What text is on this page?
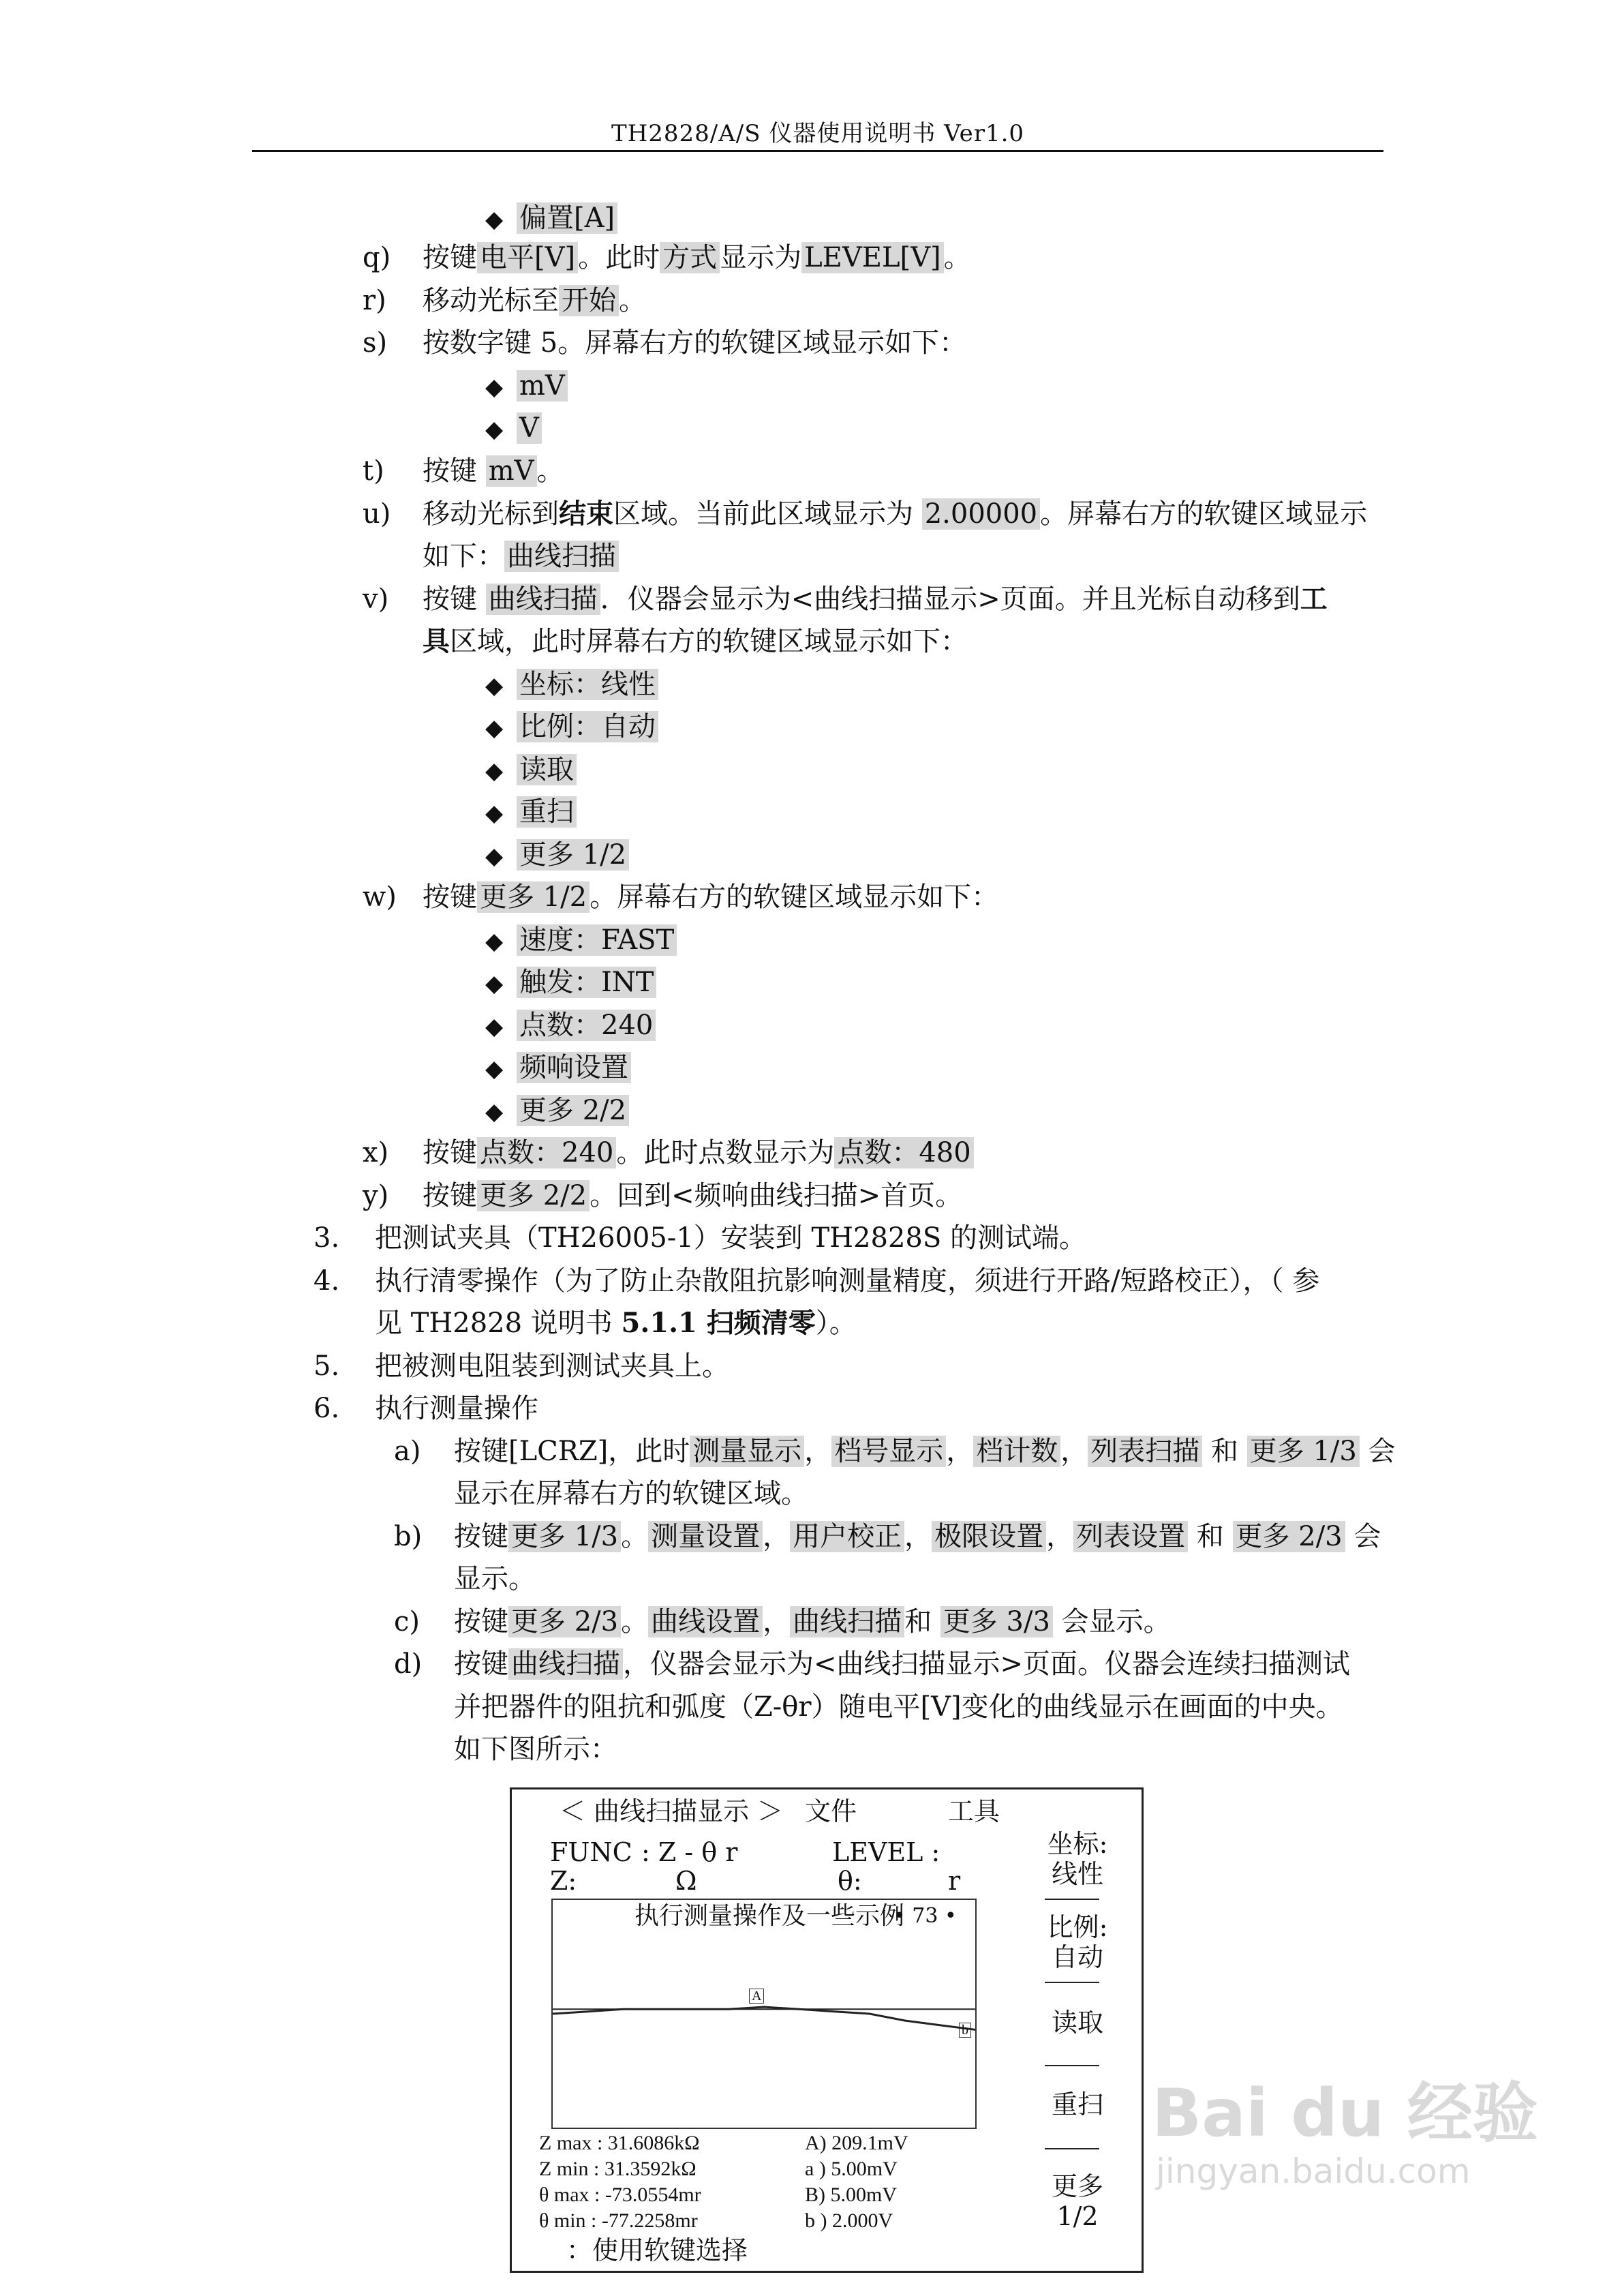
TH2828/A/S 仪器使用说明书 Ver1.0
◆ 偏置[A]
q) 按键 电平[V] 。此时 方式 显示为 LEVEL[V] 。
r) 移动光标至 开始 。
s) 按数字键 5。屏幕右方的软键区域显示如下：
◆ mV
◆ V
t) 按键 mV 。
u) 移动光标到结束区域。当前此区域显示为 2.00000 。屏幕右方的软键区域显示
如下： 曲线扫描
v) 按键 曲线扫描 ．仪器会显示为<曲线扫描显示>页面。并且光标自动移到工
具区域，此时屏幕右方的软键区域显示如下：
◆ 坐标：线性
◆ 比例：自动
◆ 读取
◆ 重扫
◆ 更多 1/2
w) 按键 更多 1/2 。屏幕右方的软键区域显示如下：
◆ 速度：FAST
◆ 触发：INT
◆ 点数：240
◆ 频响设置
◆ 更多 2/2
x) 按键 点数：240 。此时点数显示为 点数：480
y) 按键 更多 2/2 。回到<频响曲线扫描>首页。
3. 把测试夹具（TH26005-1）安装到 TH2828S 的测试端。
4. 执行清零操作（为了防止杂散阻抗影响测量精度，须进行开路/短路校正），（ 参
见 TH2828 说明书 5.1.1 扫频清零）。
5. 把被测电阻装到测试夹具上。
6. 执行测量操作
a) 按键[LCRZ]，此时 测量显示 ， 档号显示 ， 档计数 ， 列表扫描 和 更多 1/3 会
显示在屏幕右方的软键区域。
b) 按键 更多 1/3 。 测量设置 ， 用户校正 ， 极限设置 ， 列表设置 和 更多 2/3 会
显示。
c) 按键 更多 2/3 。 曲线设置 ， 曲线扫描 和 更多 3/3 会显示。
d) 按键 曲线扫描 ，仪器会显示为<曲线扫描显示>页面。仪器会连续扫描测试
并把器件的阻抗和弧度（Z-θr）随电平[V]变化的曲线显示在画面的中央。
如下图所示：
＜ 曲线扫描显示 ＞ 文件	工具
FUNC : Z - θ r	LEVEL :
Z:	Ω	θ:	r
执行测量操作及一些示例
• 73 •
A
b
Z max : 31.6086kΩ
Z min : 31.3592kΩ
θ max : -73.0554mr
θ min : -77.2258mr
A) 209.1mV
a ) 5.00mV
B) 5.00mV
b ) 2.000V
：使用软键选择
坐标:
线性
比例:
自动
读取
重扫
更多
1/2
Bai du 经验
jingyan.baidu.com
